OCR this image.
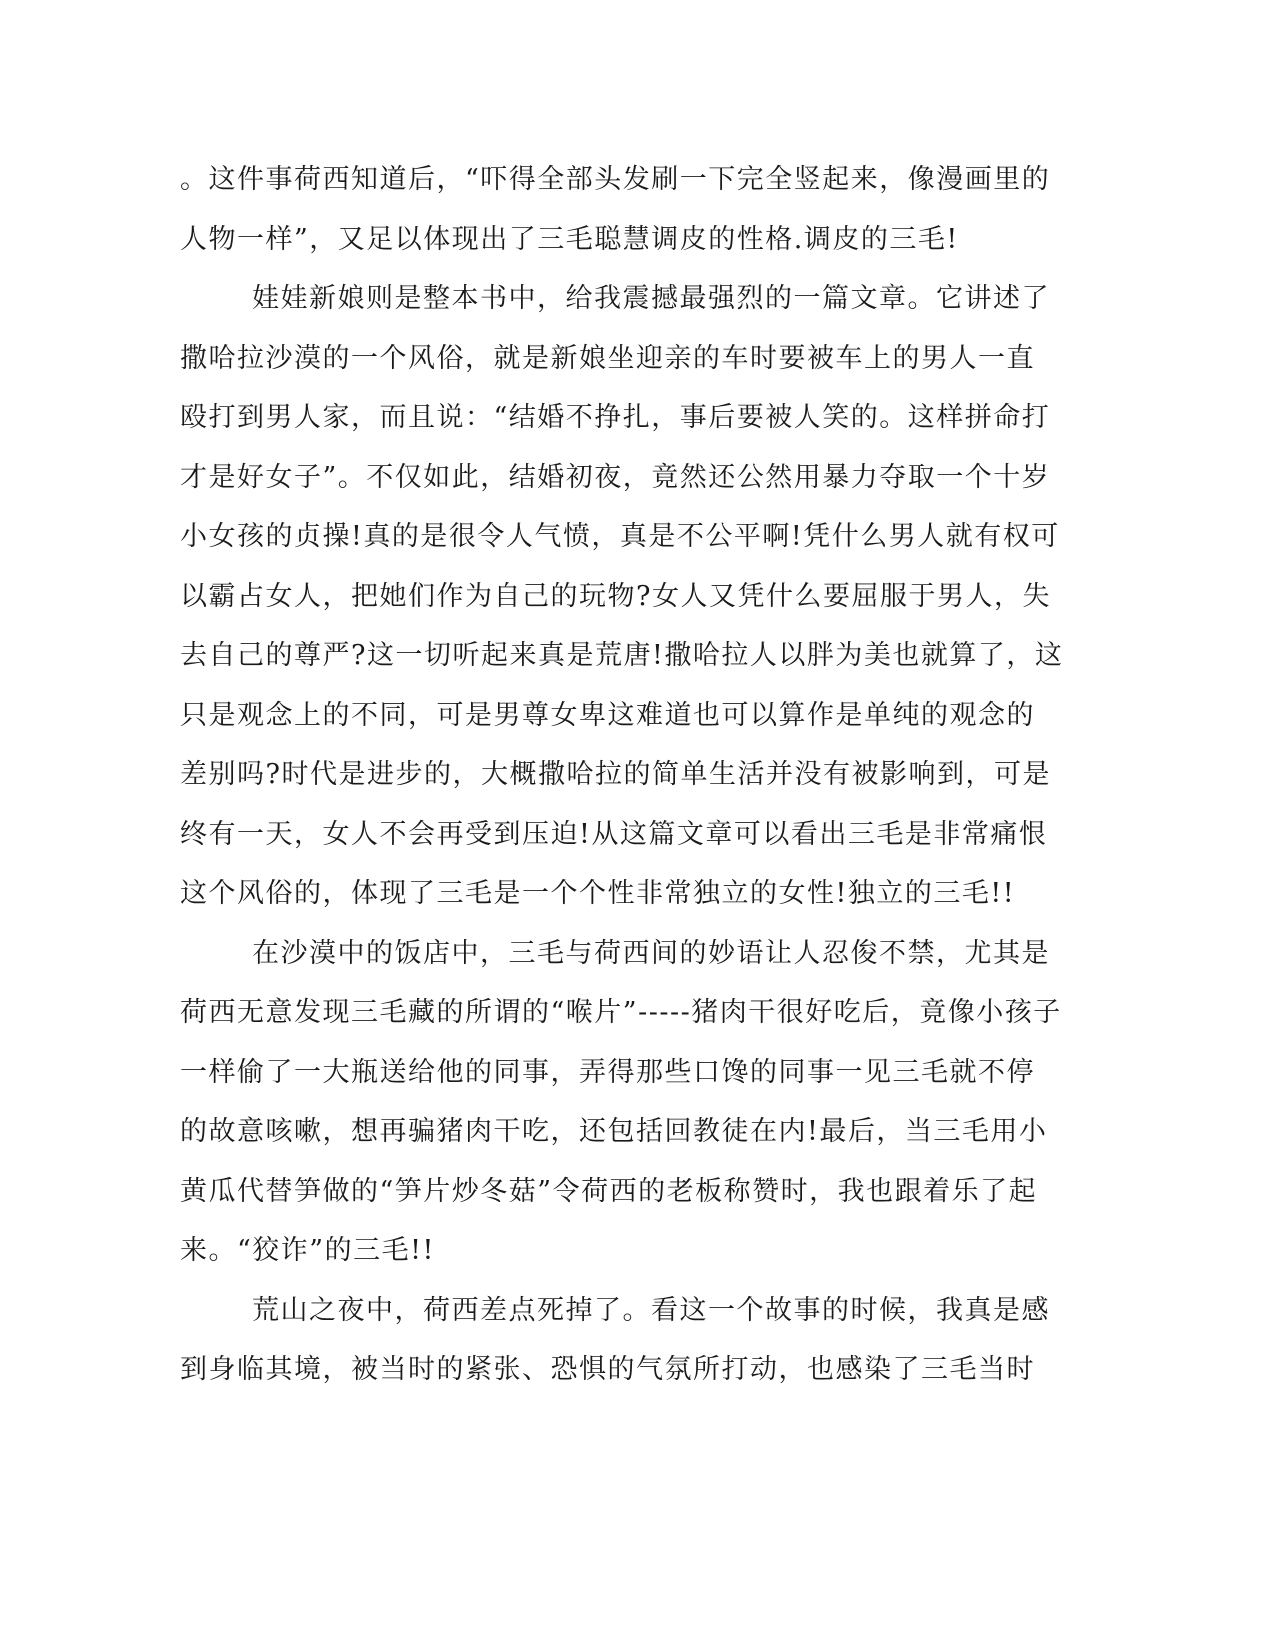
。这件事荷西知道后，“吓得全部头发刷一下完全竖起来，像漫画里的
人物一样”，又足以体现出了三毛聪慧调皮的性格.调皮的三毛!
娃娃新娘则是整本书中，给我震撼最强烈的一篇文章。它讲述了
撒哈拉沙漠的一个风俗，就是新娘坐迎亲的车时要被车上的男人一直
殴打到男人家，而且说：“结婚不挣扎，事后要被人笑的。这样拼命打
才是好女子”。不仅如此，结婚初夜，竟然还公然用暴力夺取一个十岁
小女孩的贞操!真的是很令人气愤，真是不公平啊!凭什么男人就有权可
以霸占女人，把她们作为自己的玩物?女人又凭什么要屈服于男人，失
去自己的尊严?这一切听起来真是荒唐!撒哈拉人以胖为美也就算了，这
只是观念上的不同，可是男尊女卑这难道也可以算作是单纯的观念的
差别吗?时代是进步的，大概撒哈拉的简单生活并没有被影响到，可是
终有一天，女人不会再受到压迫!从这篇文章可以看出三毛是非常痛恨
这个风俗的，体现了三毛是一个个性非常独立的女性!独立的三毛!!
在沙漠中的饭店中，三毛与荷西间的妙语让人忍俊不禁，尤其是
荷西无意发现三毛藏的所谓的“喉片”-----猪肉干很好吃后，竟像小孩子
一样偷了一大瓶送给他的同事，弄得那些口馋的同事一见三毛就不停
的故意咳嗽，想再骗猪肉干吃，还包括回教徒在内!最后，当三毛用小
黄瓜代替笋做的“笋片炒冬菇”令荷西的老板称赞时，我也跟着乐了起
来。“狡诈”的三毛!!
荒山之夜中，荷西差点死掉了。看这一个故事的时候，我真是感
到身临其境，被当时的紧张、恐惧的气氛所打动，也感染了三毛当时
